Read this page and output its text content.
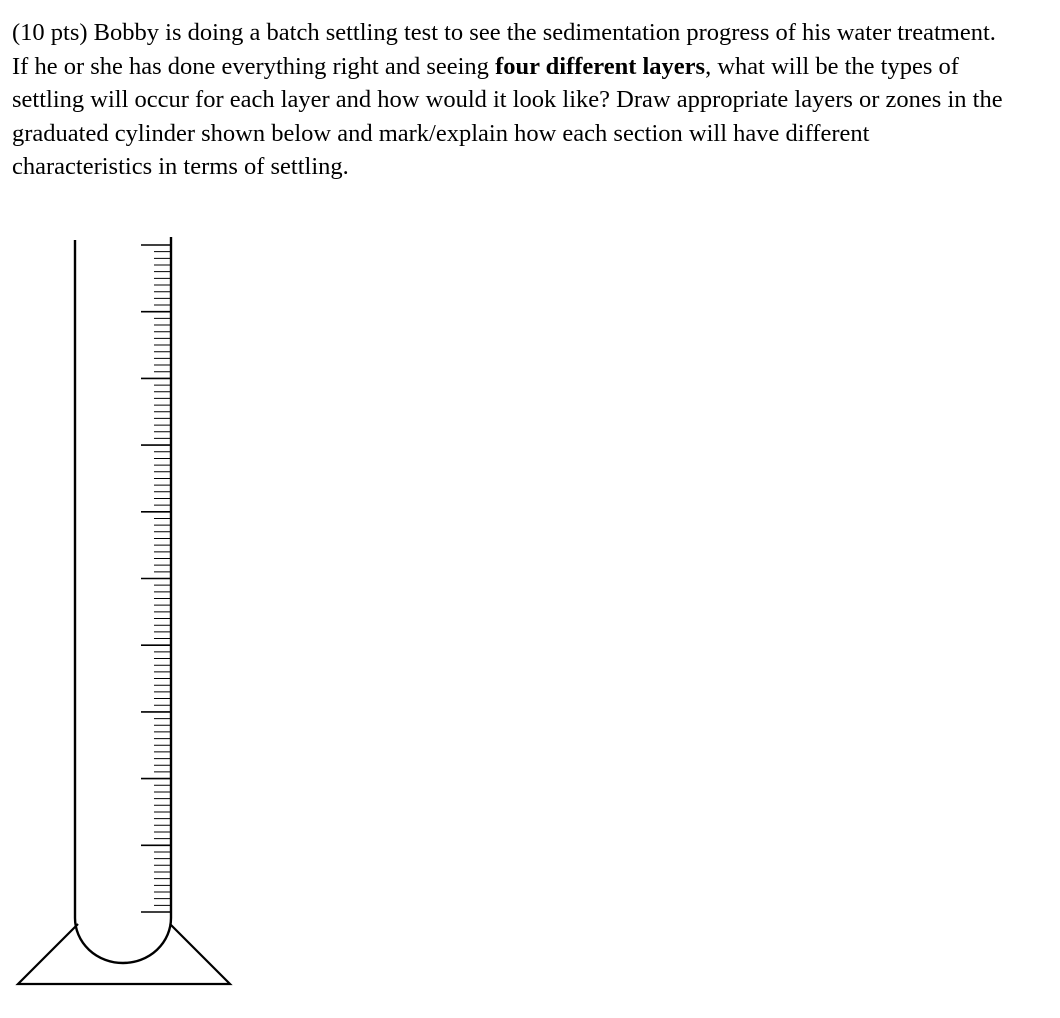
(10 pts) Bobby is doing a batch settling test to see the sedimentation progress of his water treatment. If he or she has done everything right and seeing four different layers, what will be the types of settling will occur for each layer and how would it look like? Draw appropriate layers or zones in the graduated cylinder shown below and mark/explain how each section will have different characteristics in terms of settling.
